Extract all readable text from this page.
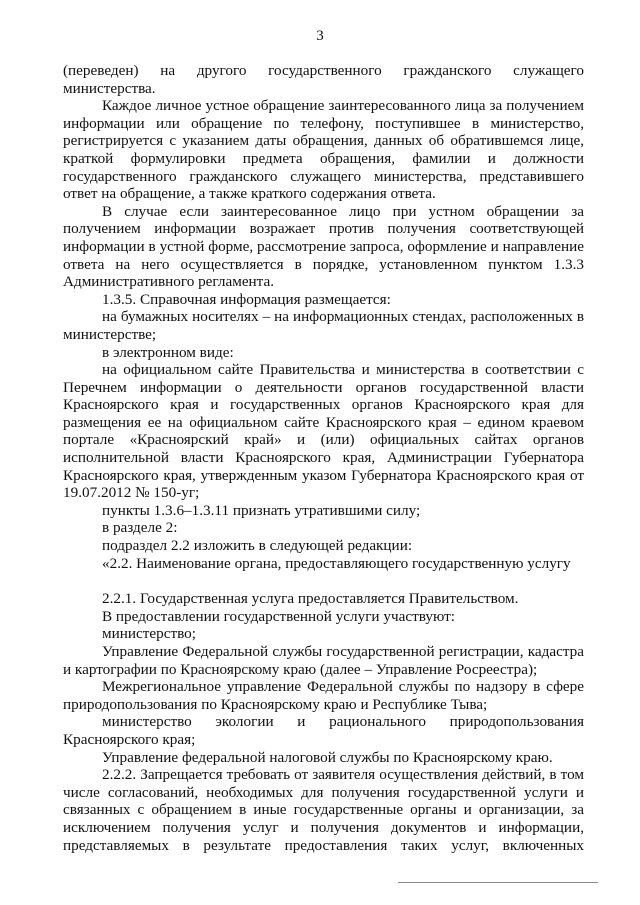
3

(переведен) на другого государственного гражданского служащего министерства.

Каждое личное устное обращение заинтересованного лица за получением информации или обращение по телефону, поступившее в министерство, регистрируется с указанием даты обращения, данных об обратившемся лице, краткой формулировки предмета обращения, фамилии и должности государственного гражданского служащего министерства, представившего ответ на обращение, а также краткого содержания ответа.

В случае если заинтересованное лицо при устном обращении за получением информации возражает против получения соответствующей информации в устной форме, рассмотрение запроса, оформление и направление ответа на него осуществляется в порядке, установленном пунктом 1.3.3 Административного регламента.

1.3.5. Справочная информация размещается:

на бумажных носителях – на информационных стендах, расположенных в министерстве;

в электронном виде:

на официальном сайте Правительства и министерства в соответствии с Перечнем информации о деятельности органов государственной власти Красноярского края и государственных органов Красноярского края для размещения ее на официальном сайте Красноярского края – едином краевом портале «Красноярский край» и (или) официальных сайтах органов исполнительной власти Красноярского края, Администрации Губернатора Красноярского края, утвержденным указом Губернатора Красноярского края от 19.07.2012 № 150-уг;

пункты 1.3.6–1.3.11 признать утратившими силу;

в разделе 2:

подраздел 2.2 изложить в следующей редакции:

«2.2. Наименование органа, предоставляющего государственную услугу

2.2.1. Государственная услуга предоставляется Правительством.

В предоставлении государственной услуги участвуют:

министерство;

Управление Федеральной службы государственной регистрации, кадастра и картографии по Красноярскому краю (далее – Управление Росреестра);

Межрегиональное управление Федеральной службы по надзору в сфере природопользования по Красноярскому краю и Республике Тыва;

министерство экологии и рационального природопользования Красноярского края;

Управление федеральной налоговой службы по Красноярскому краю.

2.2.2. Запрещается требовать от заявителя осуществления действий, в том числе согласований, необходимых для получения государственной услуги и связанных с обращением в иные государственные органы и организации, за исключением получения услуг и получения документов и информации, представляемых в результате предоставления таких услуг, включенных
